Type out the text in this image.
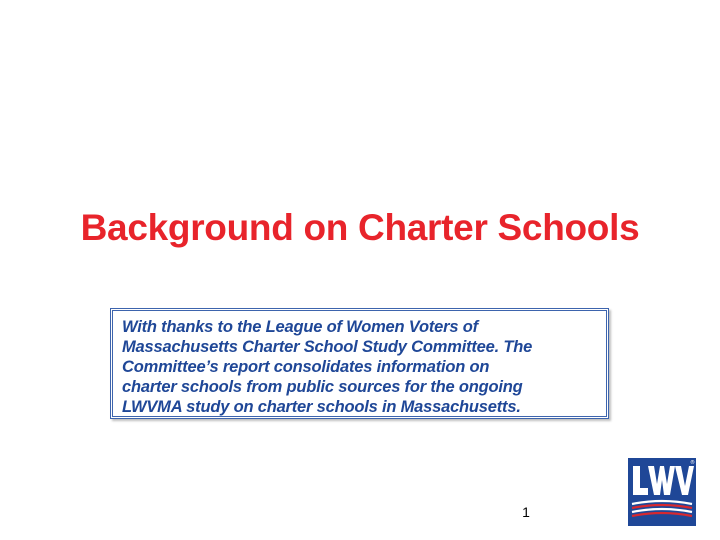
Background on Charter Schools
With thanks to the League of Women Voters of
Massachusetts Charter School Study Committee. The
Committee’s report consolidates information on
charter schools from public sources for the ongoing
LWVMA study on charter schools in Massachusetts.
1
®
